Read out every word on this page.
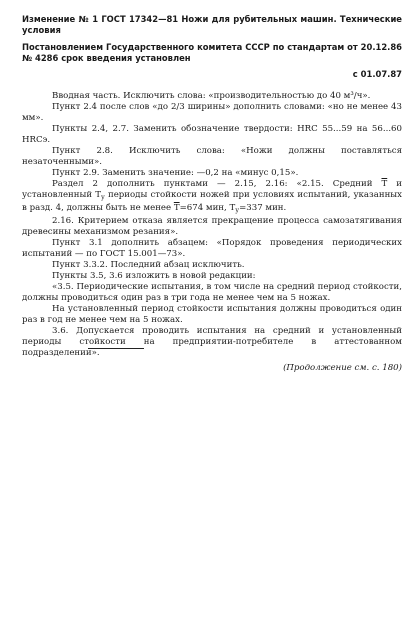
Изменение № 1 ГОСТ 17342—81 Ножи для рубительных машин. Технические условия

Постановлением Государственного комитета СССР по стандартам от 20.12.86 № 4286 срок введения установлен

с 01.07.87

Вводная часть. Исключить слова: «производительностью до 40 м³/ч».

Пункт 2.4 после слов «до 2/3 ширины» дополнить словами: «но не менее 43 мм».

Пункты 2.4, 2.7. Заменить обозначение твердости: HRC 55...59 на 56...60 HRCэ.

Пункт 2.8. Исключить слова: «Ножи должны поставляться незаточенными».

Пункт 2.9. Заменить значение: —0,2 на «минус 0,15».

Раздел 2 дополнить пунктами — 2.15, 2.16: «2.15. Средний $\overline{T}$ и установленный $T_у$ периоды стойкости ножей при условиях испытаний, указанных в разд. 4, должны быть не менее $\overline{T}=674$ мин, $T_у=337$ мин.

2.16. Критерием отказа является прекращение процесса самозатягивания древесины механизмом резания».

Пункт 3.1 дополнить абзацем: «Порядок проведения периодических испытаний — по ГОСТ 15.001—73».

Пункт 3.3.2. Последний абзац исключить.

Пункты 3.5, 3.6 изложить в новой редакции:

«3.5. Периодические испытания, в том числе на средний период стойкости, должны проводиться один раз в три года не менее чем на 5 ножах.

На установленный период стойкости испытания должны проводиться один раз в год не менее чем на 5 ножах.

3.6. Допускается проводить испытания на средний и установленный периоды стойкости на предприятии-потребителе в аттестованном подразделении».

(Продолжение см. с. 180)
